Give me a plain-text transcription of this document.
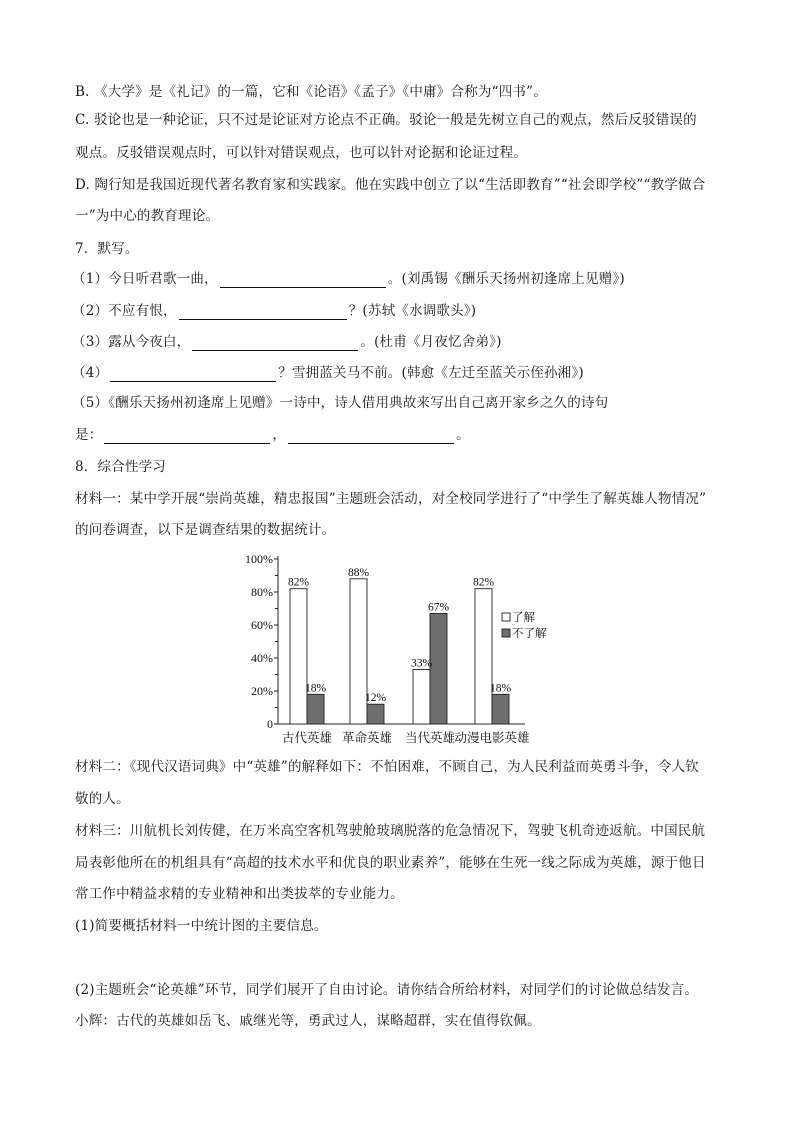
B. 《大学》是《礼记》的一篇，它和《论语》《孟子》《中庸》合称为“四书”。
C. 驳论也是一种论证，只不过是论证对方论点不正确。驳论一般是先树立自己的观点，然后反驳错误的
观点。反驳错误观点时，可以针对错误观点，也可以针对论据和论证过程。
D. 陶行知是我国近现代著名教育家和实践家。他在实践中创立了以“生活即教育”“社会即学校”“教学做合
一”为中心的教育理论。
7．默写。
（1）今日听君歌一曲，	。(刘禹锡《酬乐天扬州初逢席上见赠》)
（2）不应有恨，	？(苏轼《水调歌头》)
（3）露从今夜白，	。(杜甫《月夜忆舍弟》)
（4）	？雪拥蓝关马不前。(韩愈《左迁至蓝关示侄孙湘》)
（5）《酬乐天扬州初逢席上见赠》一诗中，诗人借用典故来写出自己离开家乡之久的诗句
是：	，	。
8．综合性学习
材料一：某中学开展“崇尚英雄，精忠报国”主题班会活动，对全校同学进行了“中学生了解英雄人物情况”
的问卷调查，以下是调查结果的数据统计。
0
20%
40%
60%
80%
100%
82%
18%
古代英雄
88%
12%
革命英雄
33%
67%
当代英雄
82%
18%
动漫电影英雄
了解
不了解
材料二：《现代汉语词典》中“英雄”的解释如下：不怕困难，不顾自己，为人民利益而英勇斗争，令人钦
敬的人。
材料三：川航机长刘传健，在万米高空客机驾驶舱玻璃脱落的危急情况下，驾驶飞机奇迹返航。中国民航
局表彰他所在的机组具有“高超的技术水平和优良的职业素养”，能够在生死一线之际成为英雄，源于他日
常工作中精益求精的专业精神和出类拔萃的专业能力。
(1)简要概括材料一中统计图的主要信息。
(2)主题班会“论英雄”环节，同学们展开了自由讨论。请你结合所给材料，对同学们的讨论做总结发言。
小辉：古代的英雄如岳飞、戚继光等，勇武过人，谋略超群，实在值得钦佩。
